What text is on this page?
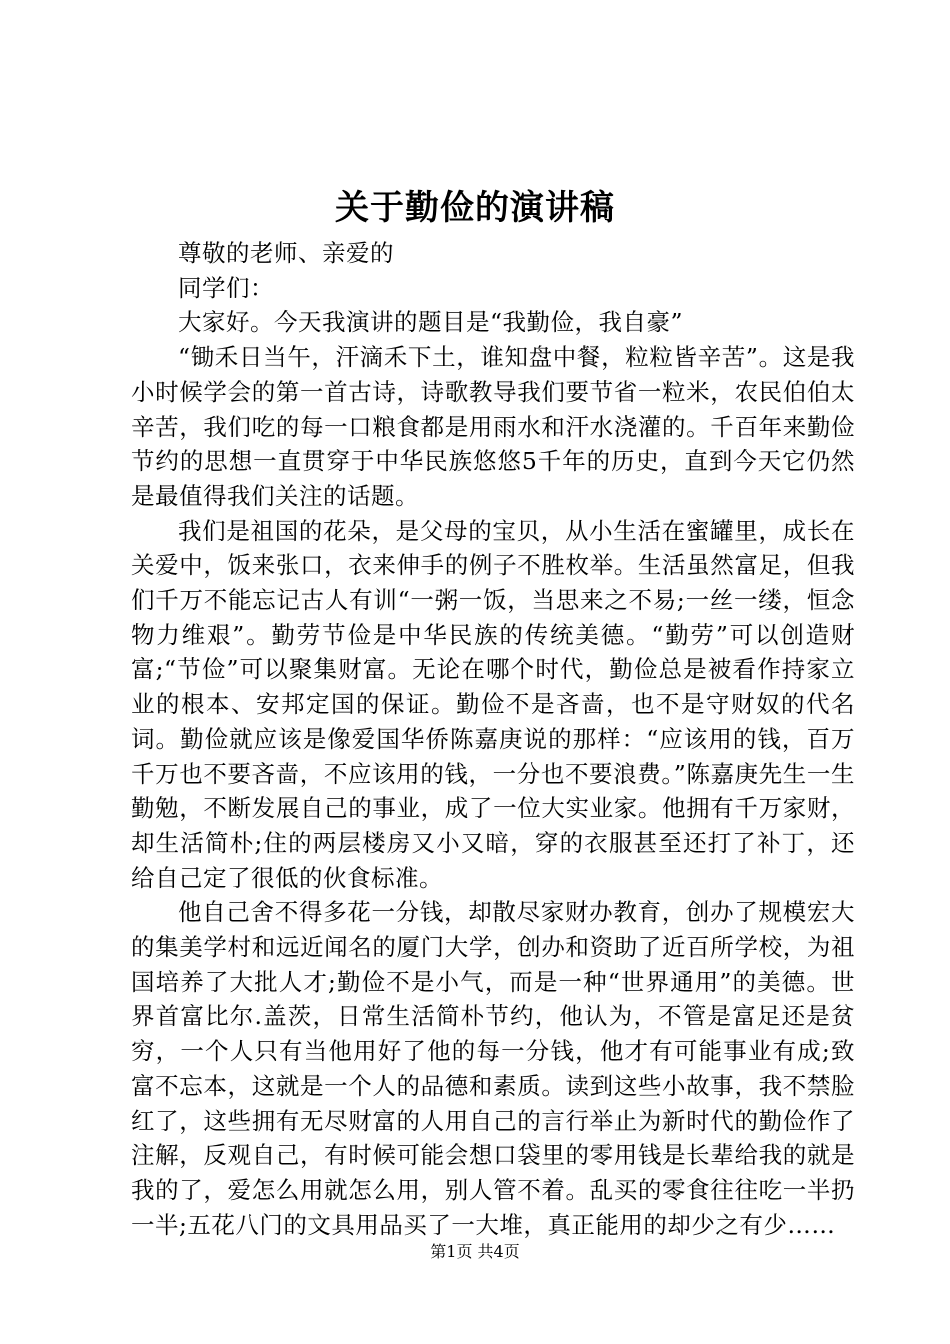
关于勤俭的演讲稿

尊敬的老师、亲爱的

同学们：

大家好。今天我演讲的题目是“我勤俭，我自豪”

“锄禾日当午，汗滴禾下土，谁知盘中餐，粒粒皆辛苦”。这是我小时候学会的第一首古诗，诗歌教导我们要节省一粒米，农民伯伯太辛苦，我们吃的每一口粮食都是用雨水和汗水浇灌的。千百年来勤俭节约的思想一直贯穿于中华民族悠悠5千年的历史，直到今天它仍然是最值得我们关注的话题。

我们是祖国的花朵，是父母的宝贝，从小生活在蜜罐里，成长在关爱中，饭来张口，衣来伸手的例子不胜枚举。生活虽然富足，但我们千万不能忘记古人有训“一粥一饭，当思来之不易;一丝一缕，恒念物力维艰”。勤劳节俭是中华民族的传统美德。“勤劳”可以创造财富;“节俭”可以聚集财富。无论在哪个时代，勤俭总是被看作持家立业的根本、安邦定国的保证。勤俭不是吝啬，也不是守财奴的代名词。勤俭就应该是像爱国华侨陈嘉庚说的那样：“应该用的钱，百万千万也不要吝啬，不应该用的钱，一分也不要浪费。”陈嘉庚先生一生勤勉，不断发展自己的事业，成了一位大实业家。他拥有千万家财，却生活简朴;住的两层楼房又小又暗，穿的衣服甚至还打了补丁，还给自己定了很低的伙食标准。

他自己舍不得多花一分钱，却散尽家财办教育，创办了规模宏大的集美学村和远近闻名的厦门大学，创办和资助了近百所学校，为祖国培养了大批人才;勤俭不是小气，而是一种“世界通用”的美德。世界首富比尔.盖茨，日常生活简朴节约，他认为，不管是富足还是贫穷，一个人只有当他用好了他的每一分钱，他才有可能事业有成;致富不忘本，这就是一个人的品德和素质。读到这些小故事，我不禁脸红了，这些拥有无尽财富的人用自己的言行举止为新时代的勤俭作了注解，反观自己，有时候可能会想口袋里的零用钱是长辈给我的就是我的了，爱怎么用就怎么用，别人管不着。乱买的零食往往吃一半扔一半;五花八门的文具用品买了一大堆，真正能用的却少之有少……

第1页 共4页
